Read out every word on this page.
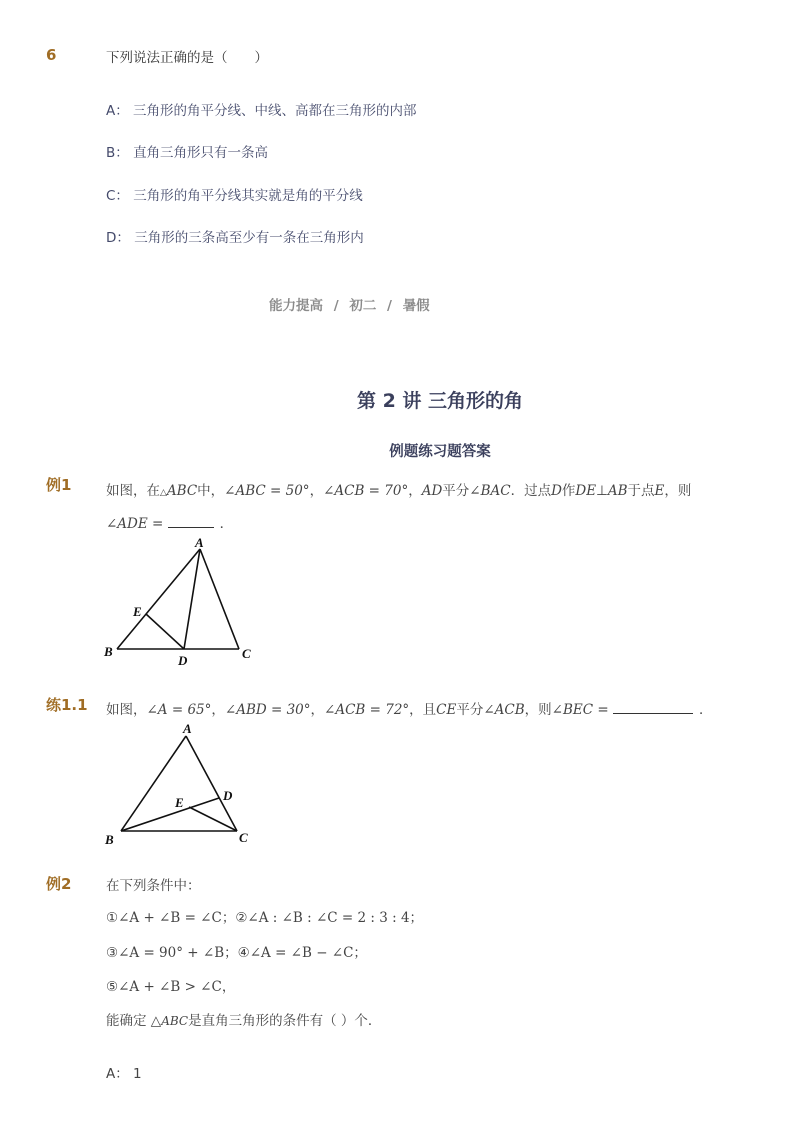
6	下列说法正确的是（　　）
A： 三角形的角平分线、中线、高都在三角形的内部
B： 直角三角形只有一条高
C： 三角形的角平分线其实就是角的平分线
D： 三角形的三条高至少有一条在三角形内
能力提高 / 初二 / 暑假
第 2 讲 三角形的角
例题练习题答案
例1	如图，在△ABC中，∠ABC = 50°，∠ACB = 70°，AD平分∠BAC．过点D作DE⊥AB于点E，则
∠ADE =	．
A
B	C
D
E
练1.1 如图，∠A = 65°，∠ABD = 30°，∠ACB = 72°，且CE平分∠ACB，则∠BEC =	．
A
B	C
D
E
例2	在下列条件中：
①∠A + ∠B = ∠C；②∠A : ∠B : ∠C = 2 : 3 : 4；
③∠A = 90° + ∠B；④∠A = ∠B − ∠C；
⑤∠A + ∠B > ∠C，
能确定 △ABC是直角三角形的条件有（ ）个．
A： 1
